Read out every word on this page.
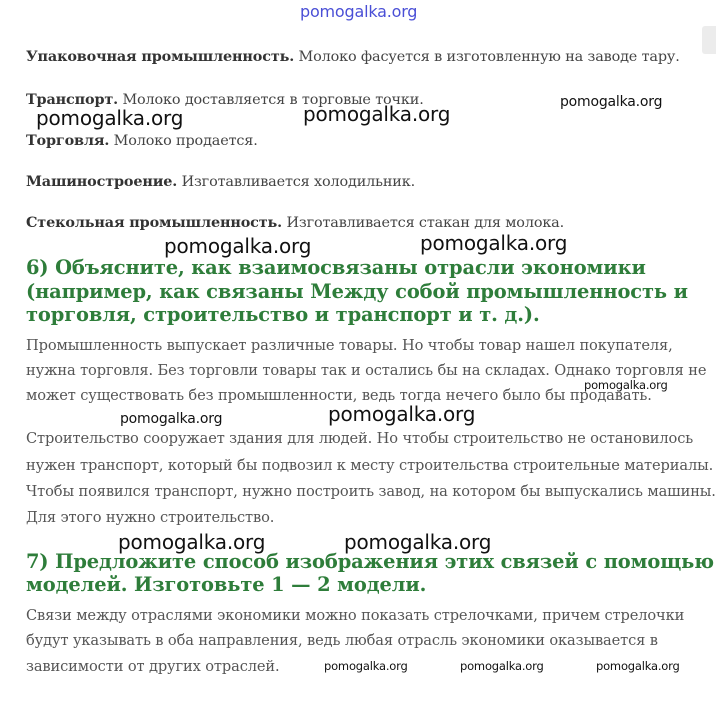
pomogalka.org
Упаковочная промышленность. Молоко фасуется в изготовленную на заводе тару.
Транспорт. Молоко доставляется в торговые точки.
Торговля. Молоко продается.
Машиностроение. Изготавливается холодильник.
Стекольная промышленность. Изготавливается стакан для молока.
6) Объясните, как взаимосвязаны отрасли экономики
(например, как связаны Между собой промышленность и
торговля, строительство и транспорт и т. д.).
Промышленность выпускает различные товары. Но чтобы товар нашел покупателя,
нужна торговля. Без торговли товары так и остались бы на складах. Однако торговля не
может существовать без промышленности, ведь тогда нечего было бы продавать.
Строительство сооружает здания для людей. Но чтобы строительство не остановилось
нужен транспорт, который бы подвозил к месту строительства строительные материалы.
Чтобы появился транспорт, нужно построить завод, на котором бы выпускались машины.
Для этого нужно строительство.
7) Предложите способ изображения этих связей с помощью
моделей. Изготовьте 1 — 2 модели.
Связи между отраслями экономики можно показать стрелочками, причем стрелочки
будут указывать в оба направления, ведь любая отрасль экономики оказывается в
зависимости от других отраслей.

pomogalka.org	pomogalka.org	pomogalka.org
pomogalka.org	pomogalka.org
pomogalka.org
pomogalka.org	pomogalka.org
pomogalka.org	pomogalka.org
pomogalka.org	pomogalka.org	pomogalka.org
